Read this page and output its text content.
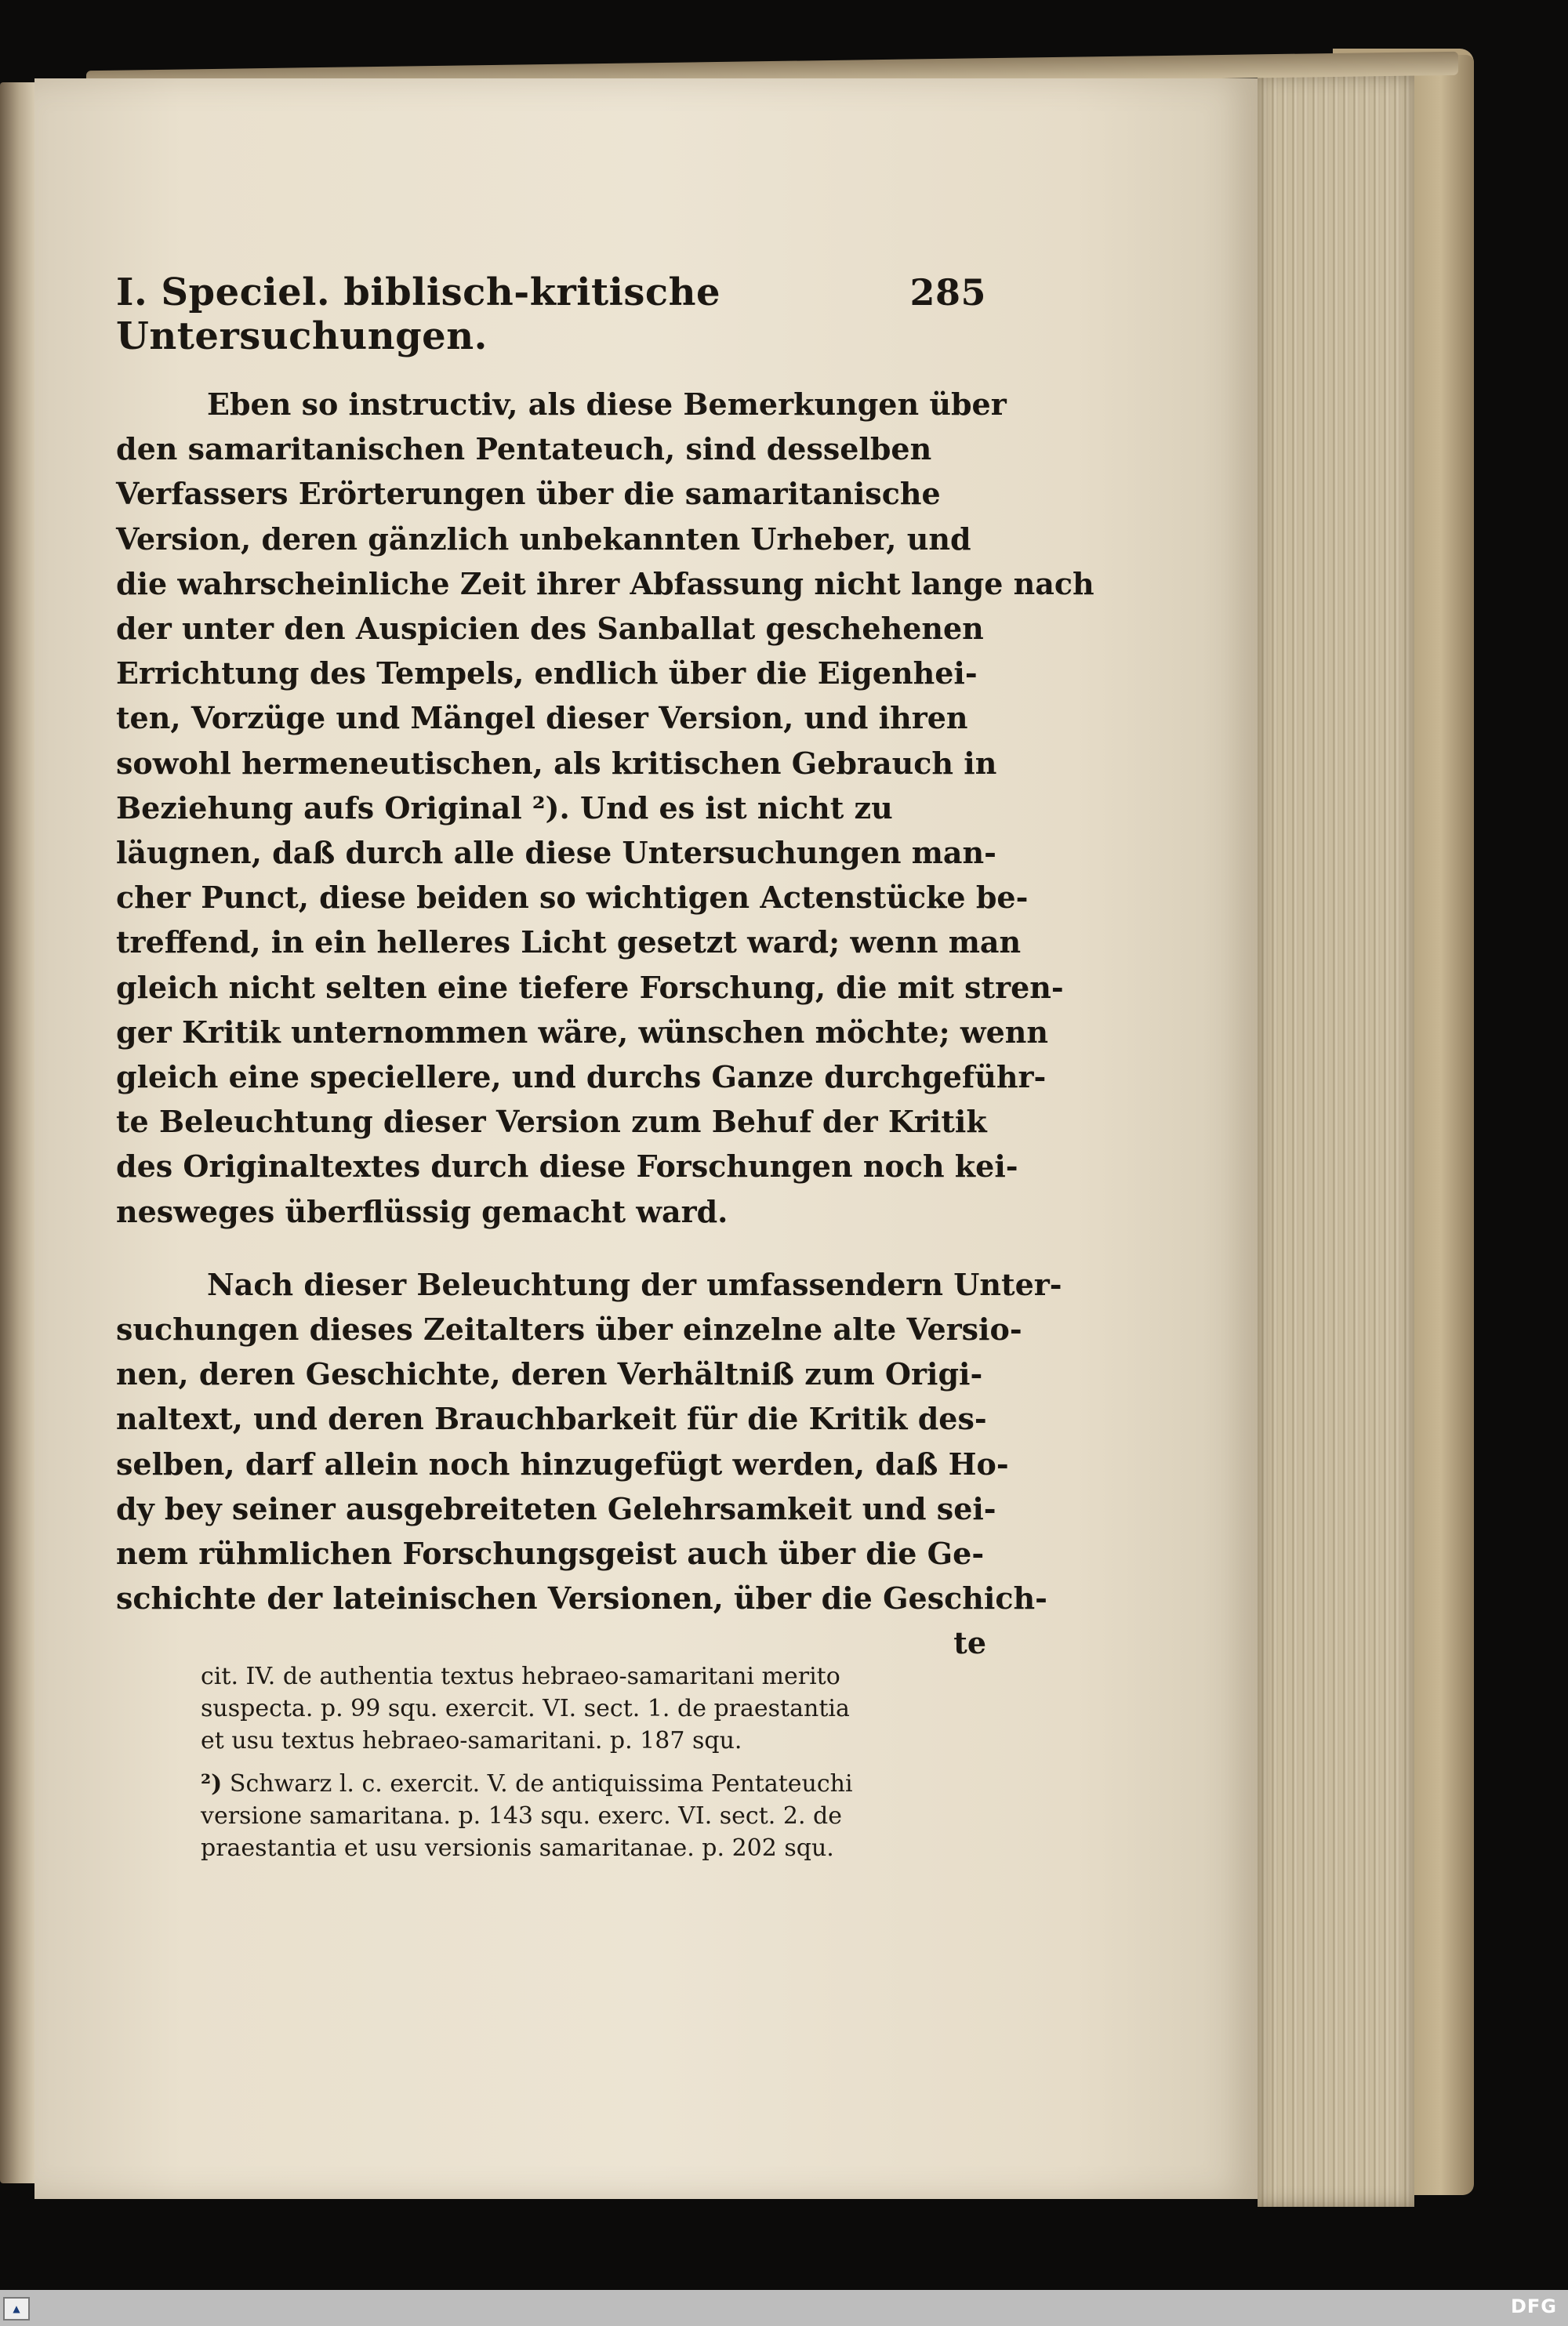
I. Speciel. biblisch-kritische Untersuchungen.
285

Eben so instructiv, als diese Bemerkungen über
den samaritanischen Pentateuch, sind desselben
Verfassers Erörterungen über die samaritanische
Version, deren gänzlich unbekannten Urheber, und
die wahrscheinliche Zeit ihrer Abfassung nicht lange nach
der unter den Auspicien des Sanballat geschehenen
Errichtung des Tempels, endlich über die Eigenhei-
ten, Vorzüge und Mängel dieser Version, und ihren
sowohl hermeneutischen, als kritischen Gebrauch in
Beziehung aufs Original ²). Und es ist nicht zu
läugnen, daß durch alle diese Untersuchungen man-
cher Punct, diese beiden so wichtigen Actenstücke be-
treffend, in ein helleres Licht gesetzt ward; wenn man
gleich nicht selten eine tiefere Forschung, die mit stren-
ger Kritik unternommen wäre, wünschen möchte; wenn
gleich eine speciellere, und durchs Ganze durchgeführ-
te Beleuchtung dieser Version zum Behuf der Kritik
des Originaltextes durch diese Forschungen noch kei-
nesweges überflüssig gemacht ward.

Nach dieser Beleuchtung der umfassendern Unter-
suchungen dieses Zeitalters über einzelne alte Versio-
nen, deren Geschichte, deren Verhältniß zum Origi-
naltext, und deren Brauchbarkeit für die Kritik des-
selben, darf allein noch hinzugefügt werden, daß Ho-
dy bey seiner ausgebreiteten Gelehrsamkeit und sei-
nem rühmlichen Forschungsgeist auch über die Ge-
schichte der lateinischen Versionen, über die Geschich-
te

cit. IV. de authentia textus hebraeo-samaritani merito
suspecta. p. 99 squ. exercit. VI. sect. 1. de praestantia
et usu textus hebraeo-samaritani. p. 187 squ.
²) Schwarz l. c. exercit. V. de antiquissima Pentateuchi
versione samaritana. p. 143 squ. exerc. VI. sect. 2. de
praestantia et usu versionis samaritanae. p. 202 squ.
▲	DFG
